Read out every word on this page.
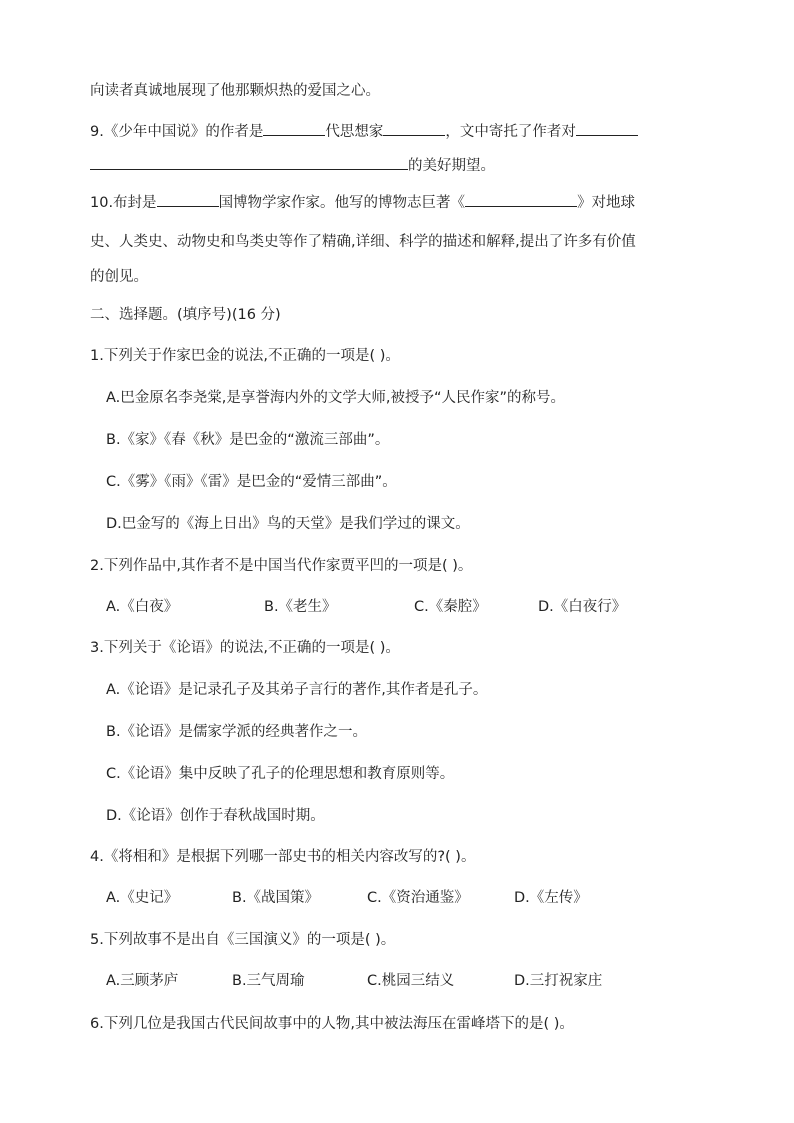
向读者真诚地展现了他那颗炽热的爱国之心。
9.《少年中国说》的作者是	代思想家	，文中寄托了作者对
的美好期望。
10.布封是	国博物学家作家。他写的博物志巨著《	》对地球
史、人类史、动物史和鸟类史等作了精确,详细、科学的描述和解释,提出了许多有价值
的创见。
二、选择题。(填序号)(16 分)
1.下列关于作家巴金的说法,不正确的一项是( )。
A.巴金原名李尧棠,是享誉海内外的文学大师,被授予“人民作家”的称号。
B.《家》《春《秋》是巴金的“激流三部曲”。
C.《雾》《雨》《雷》是巴金的“爱情三部曲”。
D.巴金写的《海上日出》鸟的天堂》是我们学过的课文。
2.下列作品中,其作者不是中国当代作家贾平凹的一项是( )。
A.《白夜》	B.《老生》	C.《秦腔》	D.《白夜行》
3.下列关于《论语》的说法,不正确的一项是( )。
A.《论语》是记录孔子及其弟子言行的著作,其作者是孔子。
B.《论语》是儒家学派的经典著作之一。
C.《论语》集中反映了孔子的伦理思想和教育原则等。
D.《论语》创作于春秋战国时期。
4.《将相和》是根据下列哪一部史书的相关内容改写的?( )。
A.《史记》	B.《战国策》	C.《资治通鉴》	D.《左传》
5.下列故事不是出自《三国演义》的一项是( )。
A.三顾茅庐	B.三气周瑜	C.桃园三结义	D.三打祝家庄
6.下列几位是我国古代民间故事中的人物,其中被法海压在雷峰塔下的是( )。
